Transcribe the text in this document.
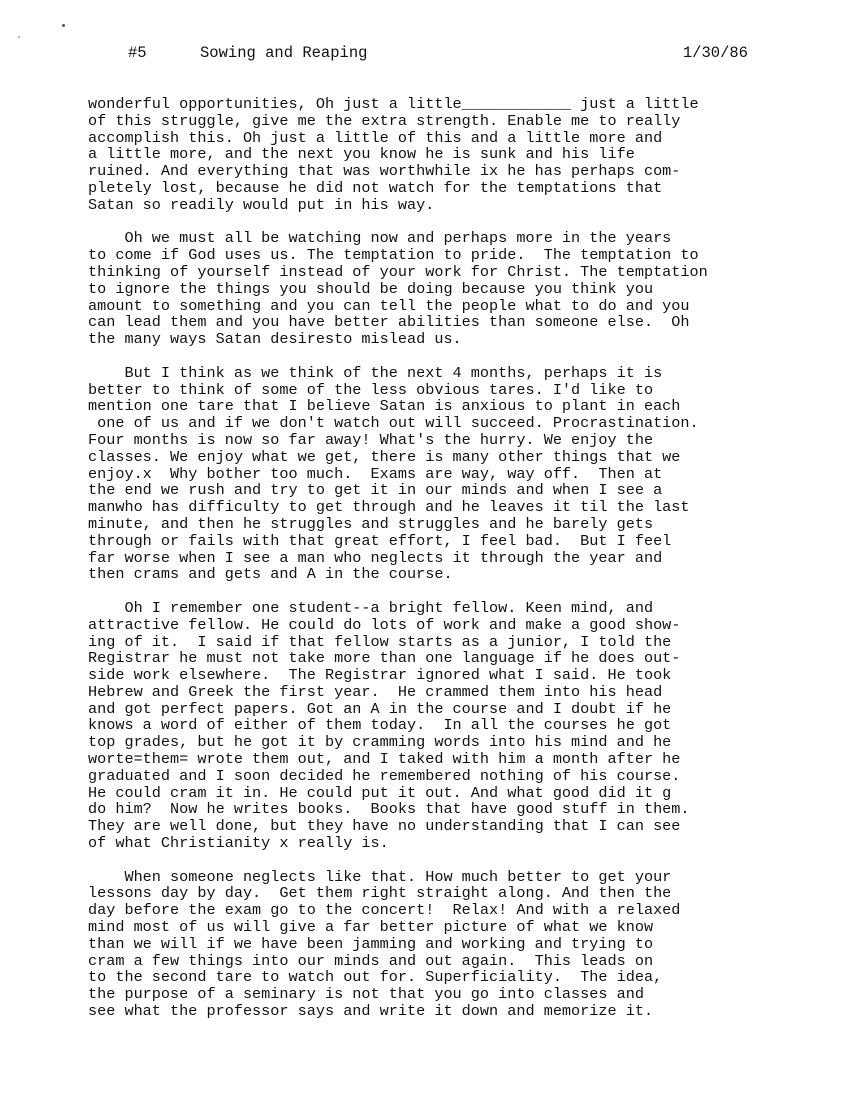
#5	Sowing and Reaping	1/30/86
wonderful opportunities, Oh just a little____________ just a little
of this struggle, give me the extra strength. Enable me to really
accomplish this. Oh just a little of this and a little more and
a little more, and the next you know he is sunk and his life
ruined. And everything that was worthwhile ix he has perhaps com-
pletely lost, because he did not watch for the temptations that
Satan so readily would put in his way.
Oh we must all be watching now and perhaps more in the years
to come if God uses us. The temptation to pride.  The temptation to
thinking of yourself instead of your work for Christ. The temptation
to ignore the things you should be doing because you think you
amount to something and you can tell the people what to do and you
can lead them and you have better abilities than someone else.  Oh
the many ways Satan desiresto mislead us.
But I think as we think of the next 4 months, perhaps it is
better to think of some of the less obvious tares. I'd like to
mention one tare that I believe Satan is anxious to plant in each
one of us and if we don't watch out will succeed. Procrastination.
Four months is now so far away! What's the hurry. We enjoy the
classes. We enjoy what we get, there is many other things that we
enjoy.x  Why bother too much.  Exams are way, way off.  Then at
the end we rush and try to get it in our minds and when I see a
manwho has difficulty to get through and he leaves it til the last
minute, and then he struggles and struggles and he barely gets
through or fails with that great effort, I feel bad.  But I feel
far worse when I see a man who neglects it through the year and
then crams and gets and A in the course.
Oh I remember one student--a bright fellow. Keen mind, and
attractive fellow. He could do lots of work and make a good show-
ing of it.  I said if that fellow starts as a junior, I told the
Registrar he must not take more than one language if he does out-
side work elsewhere.  The Registrar ignored what I said. He took
Hebrew and Greek the first year.  He crammed them into his head
and got perfect papers. Got an A in the course and I doubt if he
knows a word of either of them today.  In all the courses he got
top grades, but he got it by cramming words into his mind and he
worte=them= wrote them out, and I taked with him a month after he
graduated and I soon decided he remembered nothing of his course.
He could cram it in. He could put it out. And what good did it g
do him?  Now he writes books.  Books that have good stuff in them.
They are well done, but they have no understanding that I can see
of what Christianity x really is.
When someone neglects like that. How much better to get your
lessons day by day.  Get them right straight along. And then the
day before the exam go to the concert!  Relax! And with a relaxed
mind most of us will give a far better picture of what we know
than we will if we have been jamming and working and trying to
cram a few things into our minds and out again.  This leads on
to the second tare to watch out for. Superficiality.  The idea,
the purpose of a seminary is not that you go into classes and
see what the professor says and write it down and memorize it.
